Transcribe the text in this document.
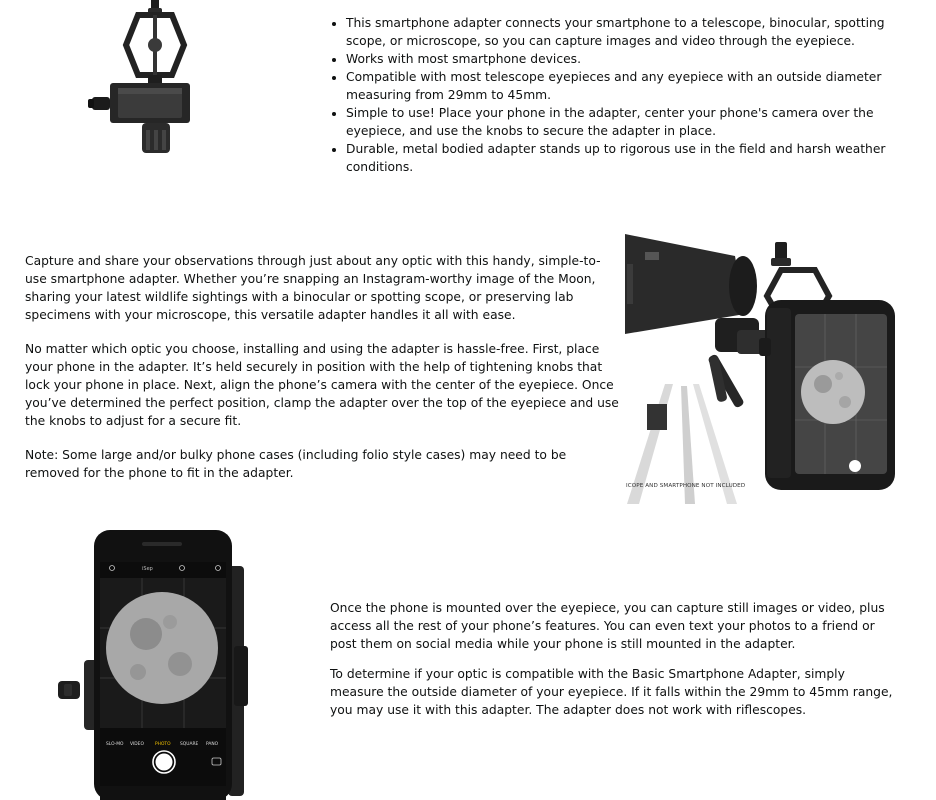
• This smartphone adapter connects your smartphone to a telescope, binocular, spotting scope, or microscope, so you can capture images and video through the eyepiece.
• Works with most smartphone devices.
• Compatible with most telescope eyepieces and any eyepiece with an outside diameter measuring from 29mm to 45mm.
• Simple to use! Place your phone in the adapter, center your phone's camera over the eyepiece, and use the knobs to secure the adapter in place.
• Durable, metal bodied adapter stands up to rigorous use in the field and harsh weather conditions.

Capture and share your observations through just about any optic with this handy, simple-to-use smartphone adapter. Whether you’re snapping an Instagram-worthy image of the Moon, sharing your latest wildlife sightings with a binocular or spotting scope, or preserving lab specimens with your microscope, this versatile adapter handles it all with ease.

No matter which optic you choose, installing and using the adapter is hassle-free. First, place your phone in the adapter. It’s held securely in position with the help of tightening knobs that lock your phone in place. Next, align the phone’s camera with the center of the eyepiece. Once you’ve determined the perfect position, clamp the adapter over the top of the eyepiece and use the knobs to adjust for a secure fit.

Note: Some large and/or bulky phone cases (including folio style cases) may need to be removed for the phone to fit in the adapter.

ICOPE AND SMARTPHONE NOT INCLUDED
iSep
SLO-MO VIDEO	PHOTO SQUARE PANO

Once the phone is mounted over the eyepiece, you can capture still images or video, plus access all the rest of your phone’s features. You can even text your photos to a friend or post them on social media while your phone is still mounted in the adapter.

To determine if your optic is compatible with the Basic Smartphone Adapter, simply measure the outside diameter of your eyepiece. If it falls within the 29mm to 45mm range, you may use it with this adapter. The adapter does not work with riflescopes.
